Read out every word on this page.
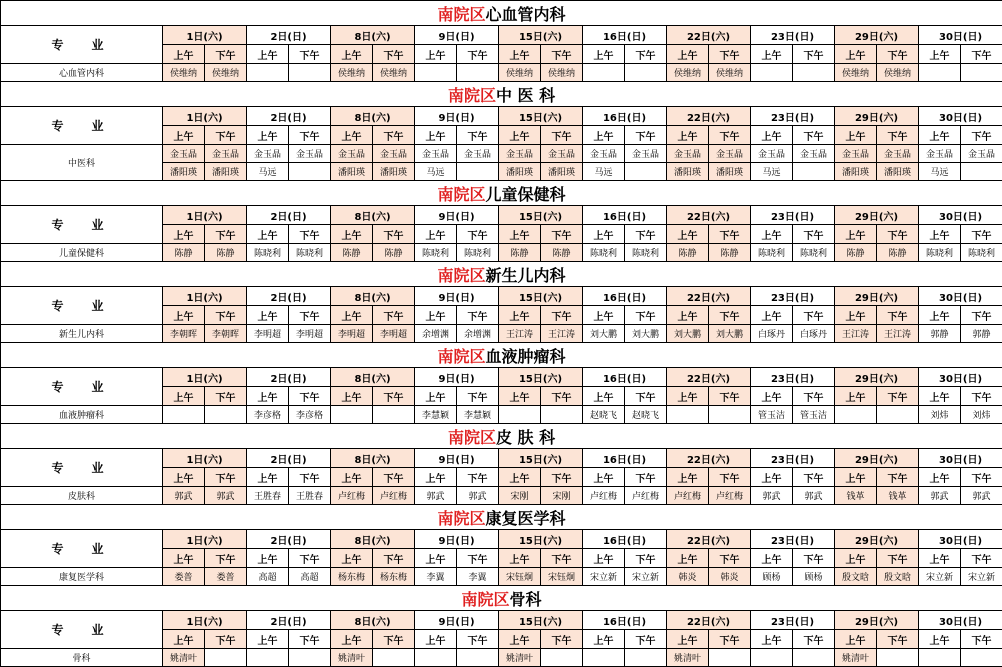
南院区心血管内科																				
专　业	1日(六)		2日(日)		8日(六)		9日(日)		15日(六)		16日(日)		22日(六)		23日(日)		29日(六)		30日(日)	
	上午	下午	上午	下午	上午	下午	上午	下午	上午	下午	上午	下午	上午	下午	上午	下午	上午	下午	上午	下午
心血管内科	侯维纳	侯维纳			侯维纳	侯维纳			侯维纳	侯维纳			侯维纳	侯维纳			侯维纳	侯维纳		
南院区中 医 科																				
专　业	1日(六)		2日(日)		8日(六)		9日(日)		15日(六)		16日(日)		22日(六)		23日(日)		29日(六)		30日(日)	
	上午	下午	上午	下午	上午	下午	上午	下午	上午	下午	上午	下午	上午	下午	上午	下午	上午	下午	上午	下午
中医科	金玉晶	金玉晶	金玉晶	金玉晶	金玉晶	金玉晶	金玉晶	金玉晶	金玉晶	金玉晶	金玉晶	金玉晶	金玉晶	金玉晶	金玉晶	金玉晶	金玉晶	金玉晶	金玉晶	金玉晶
	潘阳瑛	潘阳瑛	马远		潘阳瑛	潘阳瑛	马远		潘阳瑛	潘阳瑛	马远		潘阳瑛	潘阳瑛	马远		潘阳瑛	潘阳瑛	马远	
南院区儿童保健科																				
专　业	1日(六)		2日(日)		8日(六)		9日(日)		15日(六)		16日(日)		22日(六)		23日(日)		29日(六)		30日(日)	
	上午	下午	上午	下午	上午	下午	上午	下午	上午	下午	上午	下午	上午	下午	上午	下午	上午	下午	上午	下午
儿童保健科	陈静	陈静	陈晓利	陈晓利	陈静	陈静	陈晓利	陈晓利	陈静	陈静	陈晓利	陈晓利	陈静	陈静	陈晓利	陈晓利	陈静	陈静	陈晓利	陈晓利
南院区新生儿内科																				
专　业	1日(六)		2日(日)		8日(六)		9日(日)		15日(六)		16日(日)		22日(六)		23日(日)		29日(六)		30日(日)	
	上午	下午	上午	下午	上午	下午	上午	下午	上午	下午	上午	下午	上午	下午	上午	下午	上午	下午	上午	下午
新生儿内科	李朝晖	李朝晖	李明超	李明超	李明超	李明超	余增渊	余增渊	王江涛	王江涛	刘大鹏	刘大鹏	刘大鹏	刘大鹏	白琢丹	白琢丹	王江涛	王江涛	郭静	郭静
南院区血液肿瘤科																				
专　业	1日(六)		2日(日)		8日(六)		9日(日)		15日(六)		16日(日)		22日(六)		23日(日)		29日(六)		30日(日)	
	上午	下午	上午	下午	上午	下午	上午	下午	上午	下午	上午	下午	上午	下午	上午	下午	上午	下午	上午	下午
血液肿瘤科			李彦格	李彦格			李慧颖	李慧颖			赵晓飞	赵晓飞			管玉洁	管玉洁			刘炜	刘炜
南院区皮 肤 科																				
专　业	1日(六)		2日(日)		8日(六)		9日(日)		15日(六)		16日(日)		22日(六)		23日(日)		29日(六)		30日(日)	
	上午	下午	上午	下午	上午	下午	上午	下午	上午	下午	上午	下午	上午	下午	上午	下午	上午	下午	上午	下午
皮肤科	郭武	郭武	王胜春	王胜春	卢红梅	卢红梅	郭武	郭武	宋刚	宋刚	卢红梅	卢红梅	卢红梅	卢红梅	郭武	郭武	钱革	钱革	郭武	郭武
南院区康复医学科																				
专　业	1日(六)		2日(日)		8日(六)		9日(日)		15日(六)		16日(日)		22日(六)		23日(日)		29日(六)		30日(日)	
	上午	下午	上午	下午	上午	下午	上午	下午	上午	下午	上午	下午	上午	下午	上午	下午	上午	下午	上午	下午
康复医学科	娄普	娄普	高超	高超	杨东梅	杨东梅	李翼	李翼	宋钰炯	宋钰炯	宋立新	宋立新	韩炎	韩炎	顾杨	顾杨	殷文晗	殷文晗	宋立新	宋立新
南院区骨科																				
专　业	1日(六)		2日(日)		8日(六)		9日(日)		15日(六)		16日(日)		22日(六)		23日(日)		29日(六)		30日(日)	
	上午	下午	上午	下午	上午	下午	上午	下午	上午	下午	上午	下午	上午	下午	上午	下午	上午	下午	上午	下午
骨科	姚清叶				姚清叶				姚清叶				姚清叶				姚清叶			
